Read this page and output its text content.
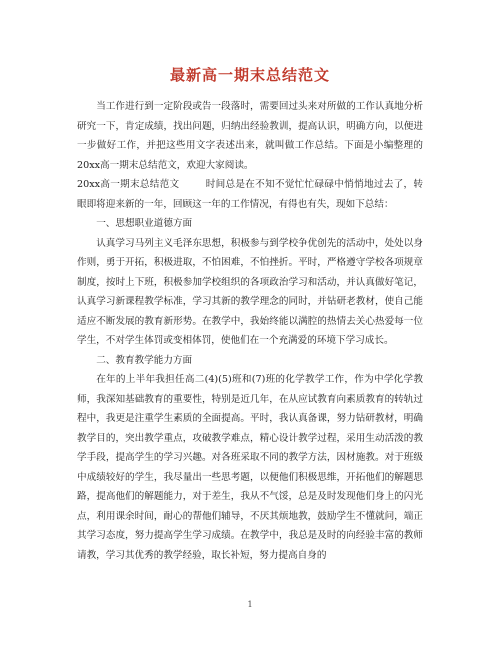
最新高一期末总结范文

当工作进行到一定阶段或告一段落时，需要回过头来对所做的工作认真地分析研究一下，肯定成绩，找出问题，归纳出经验教训，提高认识，明确方向，以便进一步做好工作，并把这些用文字表述出来，就叫做工作总结。下面是小编整理的20xx高一期末总结范文，欢迎大家阅读。

20xx高一期末总结范文	时间总是在不知不觉忙忙碌碌中悄悄地过去了，转眼即将迎来新的一年，回顾这一年的工作情况，有得也有失，现如下总结：

一、思想职业道德方面

认真学习马列主义毛泽东思想，积极参与到学校争优创先的活动中，处处以身作则，勇于开拓，积极进取，不怕困难，不怕挫折。平时，严格遵守学校各项规章制度，按时上下班，积极参加学校组织的各项政治学习和活动，并认真做好笔记，认真学习新课程教学标准，学习其新的教学理念的同时，并钻研老教材，使自己能适应不断发展的教育新形势。在教学中，我始终能以满腔的热情去关心热爱每一位学生，不对学生体罚或变相体罚，使他们在一个充满爱的环境下学习成长。

二、教育教学能力方面

在年的上半年我担任高二(4)(5)班和(7)班的化学教学工作，作为中学化学教师，我深知基础教育的重要性，特别是近几年，在从应试教育向素质教育的转轨过程中，我更是注重学生素质的全面提高。平时，我认真备课，努力钻研教材，明确教学目的，突出教学重点，攻破教学难点，精心设计教学过程，采用生动活泼的教学手段，提高学生的学习兴趣。对各班采取不同的教学方法，因材施教。对于班级中成绩较好的学生，我尽量出一些思考题，以便他们积极思维，开拓他们的解题思路，提高他们的解题能力，对于差生，我从不气馁，总是及时发现他们身上的闪光点，利用课余时间，耐心的帮他们辅导，不厌其烦地教，鼓励学生不懂就问，端正其学习态度，努力提高学生学习成绩。在教学中，我总是及时的向经验丰富的教师请教，学习其优秀的教学经验，取长补短，努力提高自身的

1
